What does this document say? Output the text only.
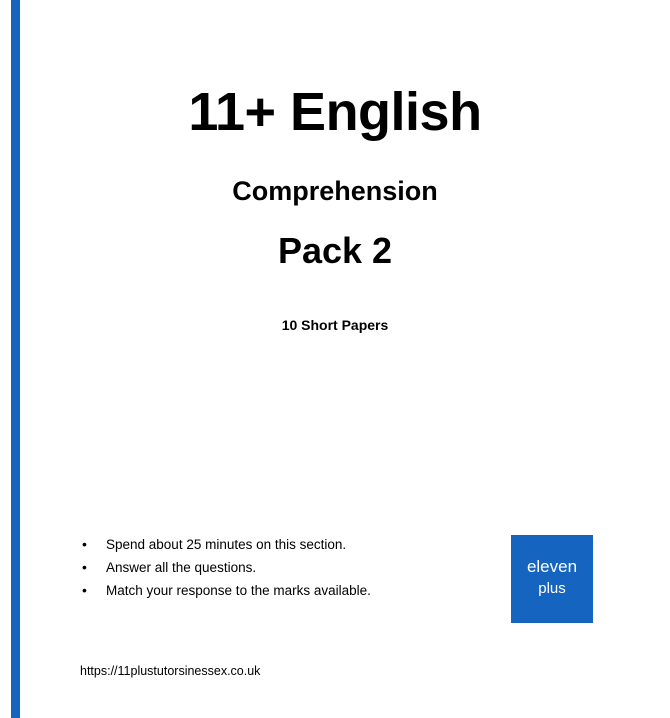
11+ English
Comprehension
Pack 2
10 Short Papers
• Spend about 25 minutes on this section.
• Answer all the questions.
• Match your response to the marks available.
eleven
plus
https://11plustutorsinessex.co.uk
